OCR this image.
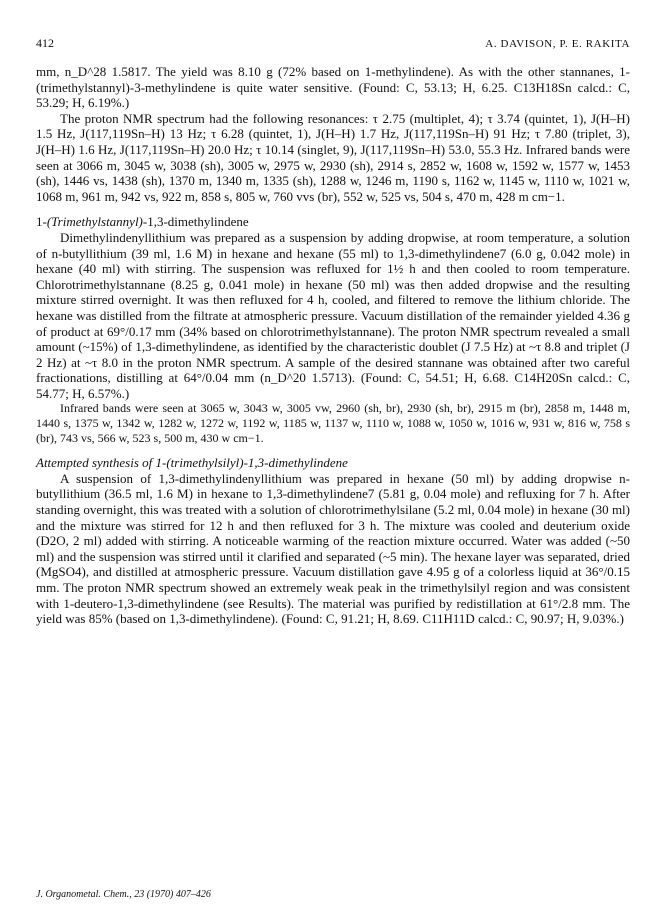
412	A. DAVISON, P. E. RAKITA

mm, n_D^28 1.5817. The yield was 8.10 g (72% based on 1-methylindene). As with the other stannanes, 1-(trimethylstannyl)-3-methylindene is quite water sensitive. (Found: C, 53.13; H, 6.25. C13H18Sn calcd.: C, 53.29; H, 6.19%.)

The proton NMR spectrum had the following resonances: τ 2.75 (multiplet, 4); τ 3.74 (quintet, 1), J(H–H) 1.5 Hz, J(117,119Sn–H) 13 Hz; τ 6.28 (quintet, 1), J(H–H) 1.7 Hz, J(117,119Sn–H) 91 Hz; τ 7.80 (triplet, 3), J(H–H) 1.6 Hz, J(117,119Sn–H) 20.0 Hz; τ 10.14 (singlet, 9), J(117,119Sn–H) 53.0, 55.3 Hz. Infrared bands were seen at 3066 m, 3045 w, 3038 (sh), 3005 w, 2975 w, 2930 (sh), 2914 s, 2852 w, 1608 w, 1592 w, 1577 w, 1453 (sh), 1446 vs, 1438 (sh), 1370 m, 1340 m, 1335 (sh), 1288 w, 1246 m, 1190 s, 1162 w, 1145 w, 1110 w, 1021 w, 1068 m, 961 m, 942 vs, 922 m, 858 s, 805 w, 760 vvs (br), 552 w, 525 vs, 504 s, 470 m, 428 m cm−1.

1-(Trimethylstannyl)-1,3-dimethylindene

Dimethylindenyllithium was prepared as a suspension by adding dropwise, at room temperature, a solution of n-butyllithium (39 ml, 1.6 M) in hexane and hexane (55 ml) to 1,3-dimethylindene7 (6.0 g, 0.042 mole) in hexane (40 ml) with stirring. The suspension was refluxed for 1½ h and then cooled to room temperature. Chlorotrimethylstannane (8.25 g, 0.041 mole) in hexane (50 ml) was then added dropwise and the resulting mixture stirred overnight. It was then refluxed for 4 h, cooled, and filtered to remove the lithium chloride. The hexane was distilled from the filtrate at atmospheric pressure. Vacuum distillation of the remainder yielded 4.36 g of product at 69°/0.17 mm (34% based on chlorotrimethylstannane). The proton NMR spectrum revealed a small amount (~15%) of 1,3-dimethylindene, as identified by the characteristic doublet (J 7.5 Hz) at ~τ 8.8 and triplet (J 2 Hz) at ~τ 8.0 in the proton NMR spectrum. A sample of the desired stannane was obtained after two careful fractionations, distilling at 64°/0.04 mm (n_D^20 1.5713). (Found: C, 54.51; H, 6.68. C14H20Sn calcd.: C, 54.77; H, 6.57%.)

Infrared bands were seen at 3065 w, 3043 w, 3005 vw, 2960 (sh, br), 2930 (sh, br), 2915 m (br), 2858 m, 1448 m, 1440 s, 1375 w, 1342 w, 1282 w, 1272 w, 1192 w, 1185 w, 1137 w, 1110 w, 1088 w, 1050 w, 1016 w, 931 w, 816 w, 758 s (br), 743 vs, 566 w, 523 s, 500 m, 430 w cm−1.

Attempted synthesis of 1-(trimethylsilyl)-1,3-dimethylindene

A suspension of 1,3-dimethylindenyllithium was prepared in hexane (50 ml) by adding dropwise n-butyllithium (36.5 ml, 1.6 M) in hexane to 1,3-dimethylindene7 (5.81 g, 0.04 mole) and refluxing for 7 h. After standing overnight, this was treated with a solution of chlorotrimethylsilane (5.2 ml, 0.04 mole) in hexane (30 ml) and the mixture was stirred for 12 h and then refluxed for 3 h. The mixture was cooled and deuterium oxide (D2O, 2 ml) added with stirring. A noticeable warming of the reaction mixture occurred. Water was added (~50 ml) and the suspension was stirred until it clarified and separated (~5 min). The hexane layer was separated, dried (MgSO4), and distilled at atmospheric pressure. Vacuum distillation gave 4.95 g of a colorless liquid at 36°/0.15 mm. The proton NMR spectrum showed an extremely weak peak in the trimethylsilyl region and was consistent with 1-deutero-1,3-dimethylindene (see Results). The material was purified by redistillation at 61°/2.8 mm. The yield was 85% (based on 1,3-dimethylindene). (Found: C, 91.21; H, 8.69. C11H11D calcd.: C, 90.97; H, 9.03%.)

J. Organometal. Chem., 23 (1970) 407–426
